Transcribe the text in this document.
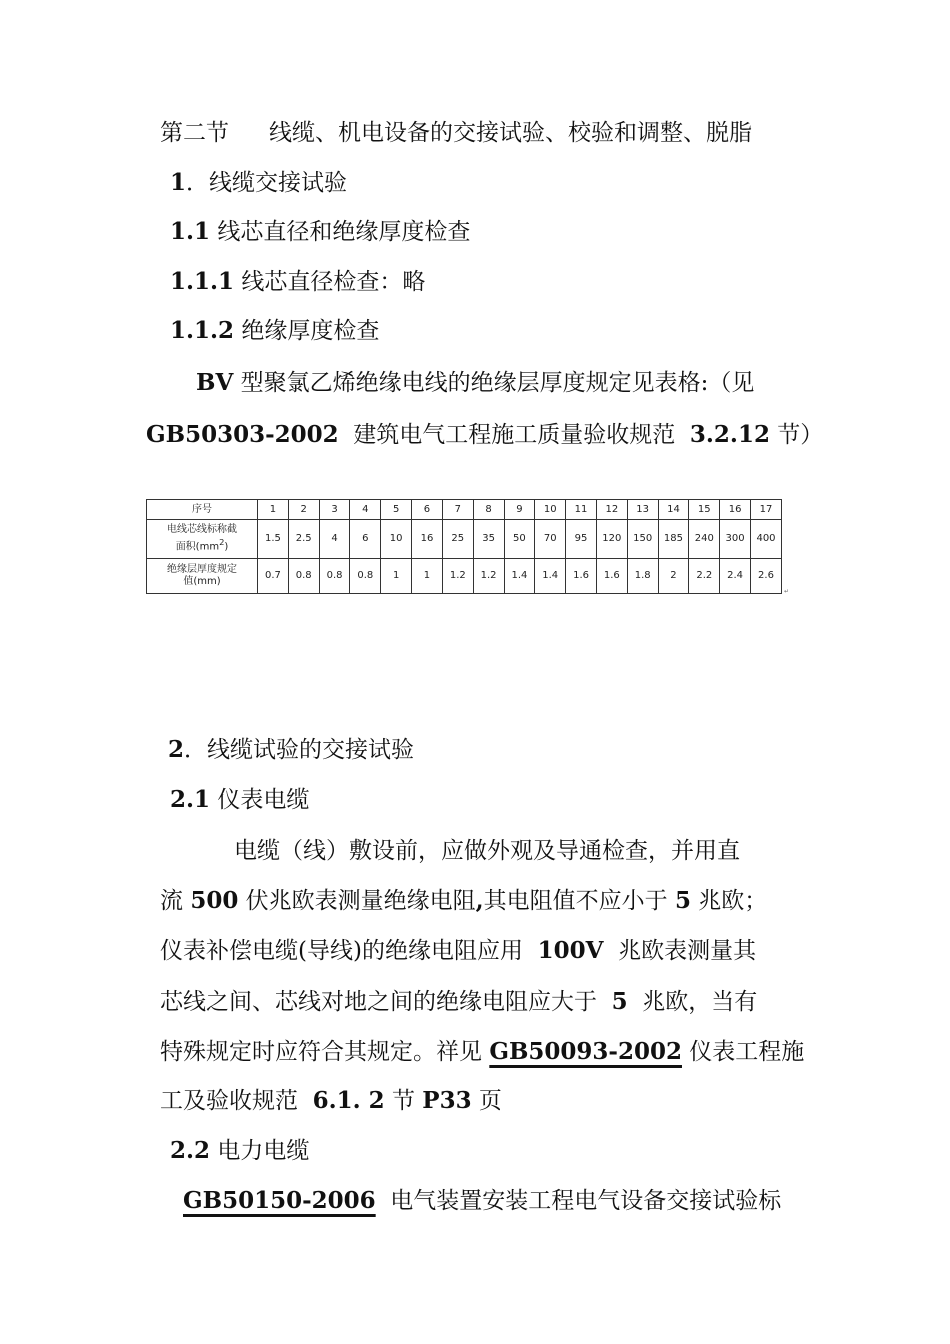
第二节 线缆、机电设备的交接试验、校验和调整、脱脂
1．线缆交接试验
1.1 线芯直径和绝缘厚度检查
1.1.1 线芯直径检查：略
1.1.2 绝缘厚度检查
BV 型聚氯乙烯绝缘电线的绝缘层厚度规定见表格:（见
GB50303-2002 建筑电气工程施工质量验收规范 3.2.12 节）
序号	1	2	3	4	5	6	7	8	9	10	11	12	13	14	15	16	17
电线芯线标称截
面积$(mm^2)$	1.5	2.5	4	6	10	16	25	35	50	70	95	120	150	185	240	300	400
绝缘层厚度规定
值(mm)	0.7	0.8	0.8	0.8	1	1	1.2	1.2	1.4	1.4	1.6	1.6	1.8	2	2.2	2.4	2.6
↵
2．线缆试验的交接试验
2.1 仪表电缆
电缆（线）敷设前，应做外观及导通检查，并用直
流 500 伏兆欧表测量绝缘电阻,其电阻值不应小于 5 兆欧；
仪表补偿电缆(导线)的绝缘电阻应用 100V 兆欧表测量其
芯线之间、芯线对地之间的绝缘电阻应大于 5 兆欧，当有
特殊规定时应符合其规定。祥见 GB50093-2002 仪表工程施
工及验收规范 6.1. 2 节 P33 页
2.2 电力电缆
GB50150-2006 电气装置安装工程电气设备交接试验标
